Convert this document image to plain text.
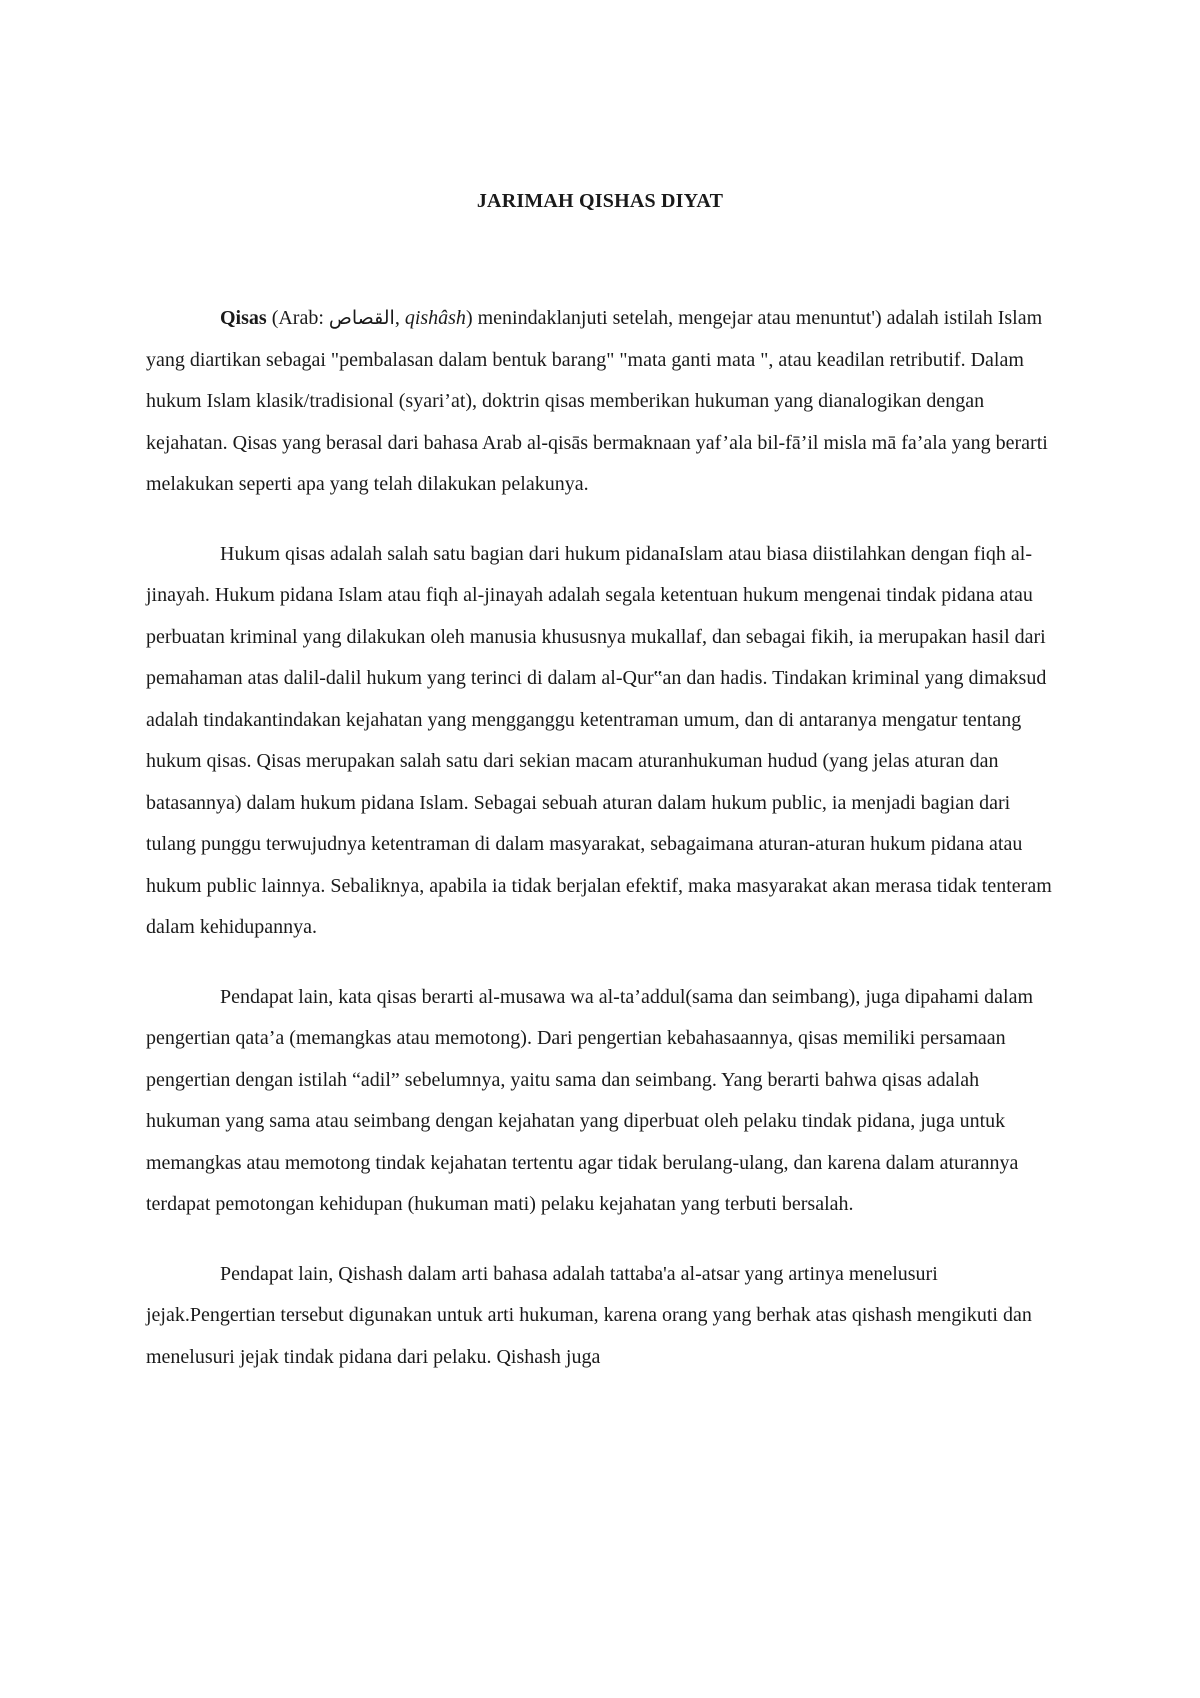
JARIMAH QISHAS DIYAT

Qisas (Arab: القصاص, qishâsh) menindaklanjuti setelah, mengejar atau menuntut') adalah istilah Islam yang diartikan sebagai "pembalasan dalam bentuk barang" "mata ganti mata ", atau keadilan retributif. Dalam hukum Islam klasik/tradisional (syari’at), doktrin qisas memberikan hukuman yang dianalogikan dengan kejahatan. Qisas yang berasal dari bahasa Arab al-qisās bermaknaan yaf’ala bil-fā’il misla mā fa’ala yang berarti melakukan seperti apa yang telah dilakukan pelakunya.

Hukum qisas adalah salah satu bagian dari hukum pidanaIslam atau biasa diistilahkan dengan fiqh al-jinayah. Hukum pidana Islam atau fiqh al-jinayah adalah segala ketentuan hukum mengenai tindak pidana atau perbuatan kriminal yang dilakukan oleh manusia khususnya mukallaf, dan sebagai fikih, ia merupakan hasil dari pemahaman atas dalil-dalil hukum yang terinci di dalam al-Qur‟an dan hadis. Tindakan kriminal yang dimaksud adalah tindakantindakan kejahatan yang mengganggu ketentraman umum, dan di antaranya mengatur tentang hukum qisas. Qisas merupakan salah satu dari sekian macam aturanhukuman hudud (yang jelas aturan dan batasannya) dalam hukum pidana Islam. Sebagai sebuah aturan dalam hukum public, ia menjadi bagian dari tulang punggu terwujudnya ketentraman di dalam masyarakat, sebagaimana aturan-aturan hukum pidana atau hukum public lainnya. Sebaliknya, apabila ia tidak berjalan efektif, maka masyarakat akan merasa tidak tenteram dalam kehidupannya.

Pendapat lain, kata qisas berarti al-musawa wa al-ta’addul(sama dan seimbang), juga dipahami dalam pengertian qata’a (memangkas atau memotong). Dari pengertian kebahasaannya, qisas memiliki persamaan pengertian dengan istilah “adil” sebelumnya, yaitu sama dan seimbang. Yang berarti bahwa qisas adalah hukuman yang sama atau seimbang dengan kejahatan yang diperbuat oleh pelaku tindak pidana, juga untuk memangkas atau memotong tindak kejahatan tertentu agar tidak berulang-ulang, dan karena dalam aturannya terdapat pemotongan kehidupan (hukuman mati) pelaku kejahatan yang terbuti bersalah.

Pendapat lain, Qishash dalam arti bahasa adalah tattaba'a al-atsar yang artinya menelusuri jejak.Pengertian tersebut digunakan untuk arti hukuman, karena orang yang berhak atas qishash mengikuti dan menelusuri jejak tindak pidana dari pelaku. Qishash juga
